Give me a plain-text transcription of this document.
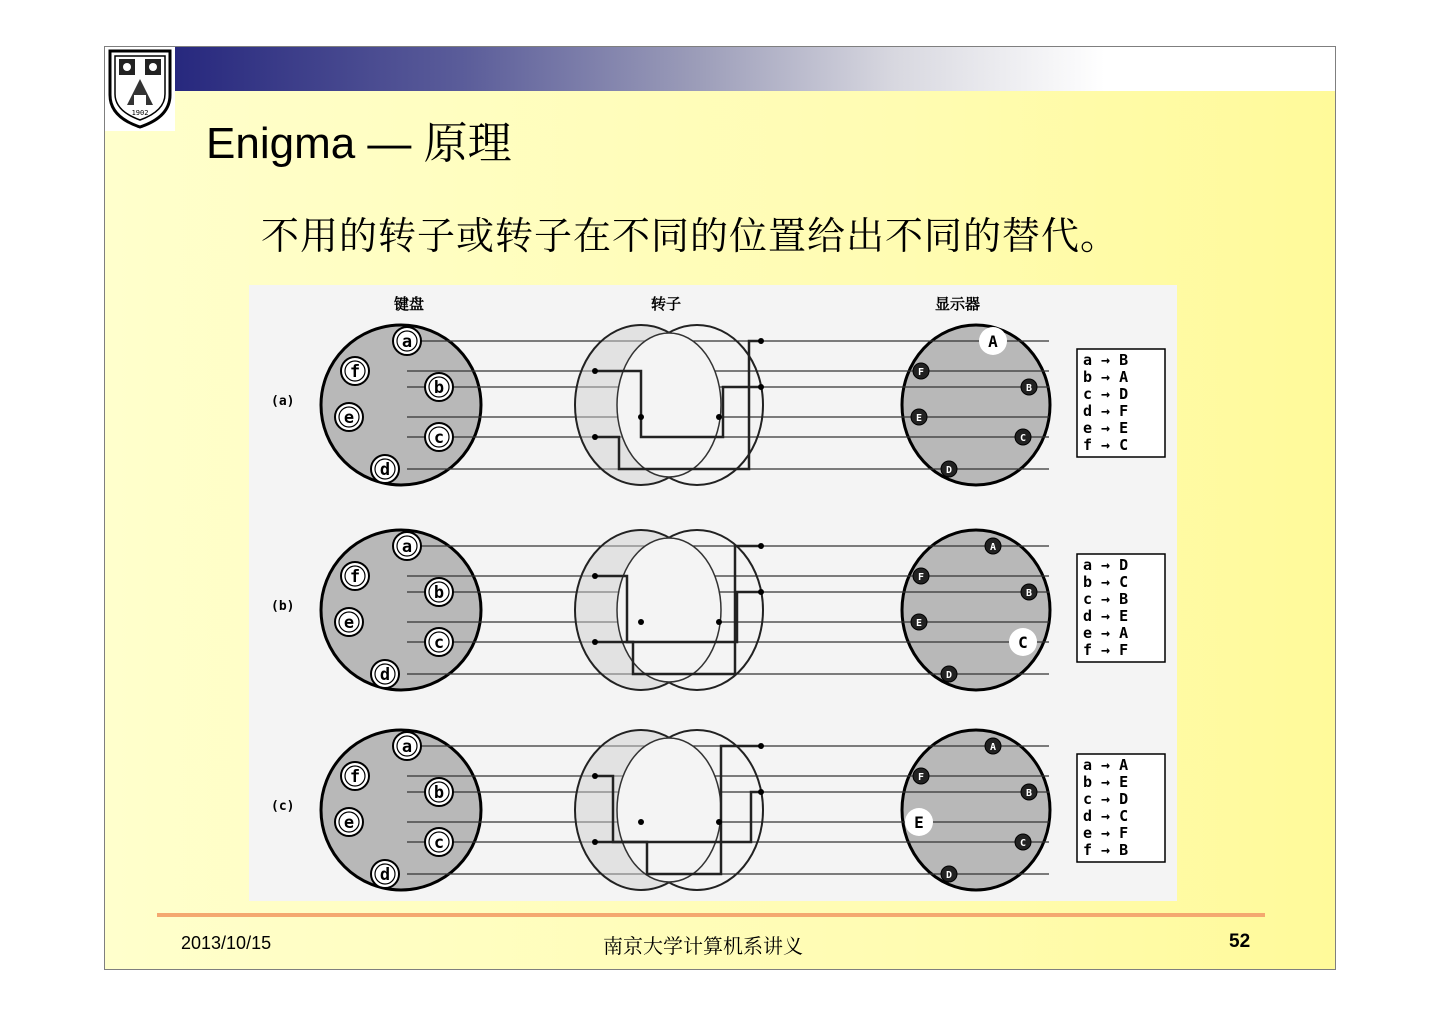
1902
Enigma — 原理
不用的转子或转子在不同的位置给出不同的替代。
键盘	转子	显示器
(a)
a
f
b
e
c
d
A
F
B
E
C
D
a → B
b → A
c → D
d → F
e → E
f → C
(b)
a
f
b
e
c
d
A
F
B
E
C
D
a → D
b → C
c → B
d → E
e → A
f → F
(c)
a
f
b
e
c
d
A
F
B
E
C
D
a → A
b → E
c → D
d → C
e → F
f → B
2013/10/15	南京大学计算机系讲义	52
